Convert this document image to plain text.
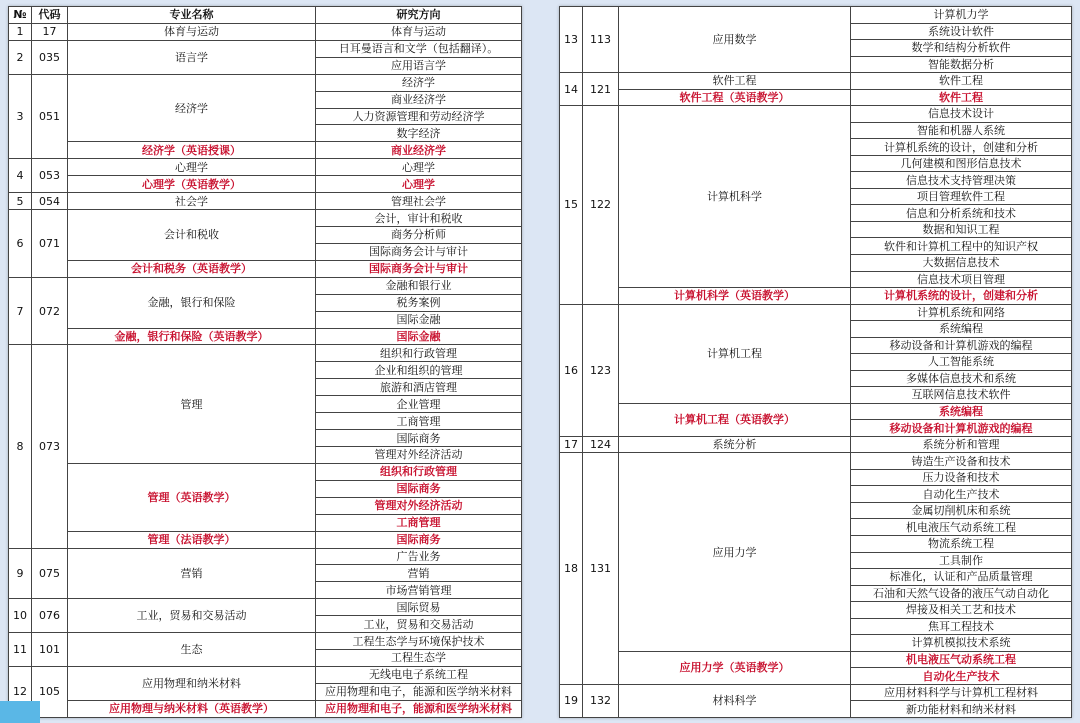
№	代码	专业名称	研究方向
1	17	体育与运动	体育与运动
2	035	语言学	日耳曼语言和文学（包括翻译）。
			应用语言学
3	051	经济学	经济学
			商业经济学
			人力资源管理和劳动经济学
			数字经济
		经济学（英语授课）	商业经济学
4	053	心理学	心理学
		心理学（英语教学）	心理学
5	054	社会学	管理社会学
6	071	会计和税收	会计，审计和税收
			商务分析师
			国际商务会计与审计
		会计和税务（英语教学）	国际商务会计与审计
7	072	金融，银行和保险	金融和银行业
			税务案例
			国际金融
		金融，银行和保险（英语教学）	国际金融
8	073	管理	组织和行政管理
			企业和组织的管理
			旅游和酒店管理
			企业管理
			工商管理
			国际商务
			管理对外经济活动
		管理（英语教学）	组织和行政管理
			国际商务
			管理对外经济活动
			工商管理
		管理（法语教学）	国际商务
9	075	营销	广告业务
			营销
			市场营销管理
10	076	工业，贸易和交易活动	国际贸易
			工业，贸易和交易活动
11	101	生态	工程生态学与环境保护技术
			工程生态学
12	105	应用物理和纳米材料	无线电电子系统工程
			应用物理和电子，能源和医学纳米材料
		应用物理与纳米材料（英语教学）	应用物理和电子，能源和医学纳米材料
13	113	应用数学	计算机力学
			系统设计软件
			数学和结构分析软件
			智能数据分析
14	121	软件工程	软件工程
		软件工程（英语教学）	软件工程
15	122	计算机科学	信息技术设计
			智能和机器人系统
			计算机系统的设计，创建和分析
			几何建模和图形信息技术
			信息技术支持管理决策
			项目管理软件工程
			信息和分析系统和技术
			数据和知识工程
			软件和计算机工程中的知识产权
			大数据信息技术
			信息技术项目管理
		计算机科学（英语教学）	计算机系统的设计，创建和分析
16	123	计算机工程	计算机系统和网络
			系统编程
			移动设备和计算机游戏的编程
			人工智能系统
			多媒体信息技术和系统
			互联网信息技术软件
		计算机工程（英语教学）	系统编程
			移动设备和计算机游戏的编程
17	124	系统分析	系统分析和管理
18	131	应用力学	铸造生产设备和技术
			压力设备和技术
			自动化生产技术
			金属切削机床和系统
			机电液压气动系统工程
			物流系统工程
			工具制作
			标准化，认证和产品质量管理
			石油和天然气设备的液压气动自动化
			焊接及相关工艺和技术
			焦耳工程技术
			计算机模拟技术系统
		应用力学（英语教学）	机电液压气动系统工程
			自动化生产技术
19	132	材料科学	应用材料科学与计算机工程材料
			新功能材料和纳米材料
